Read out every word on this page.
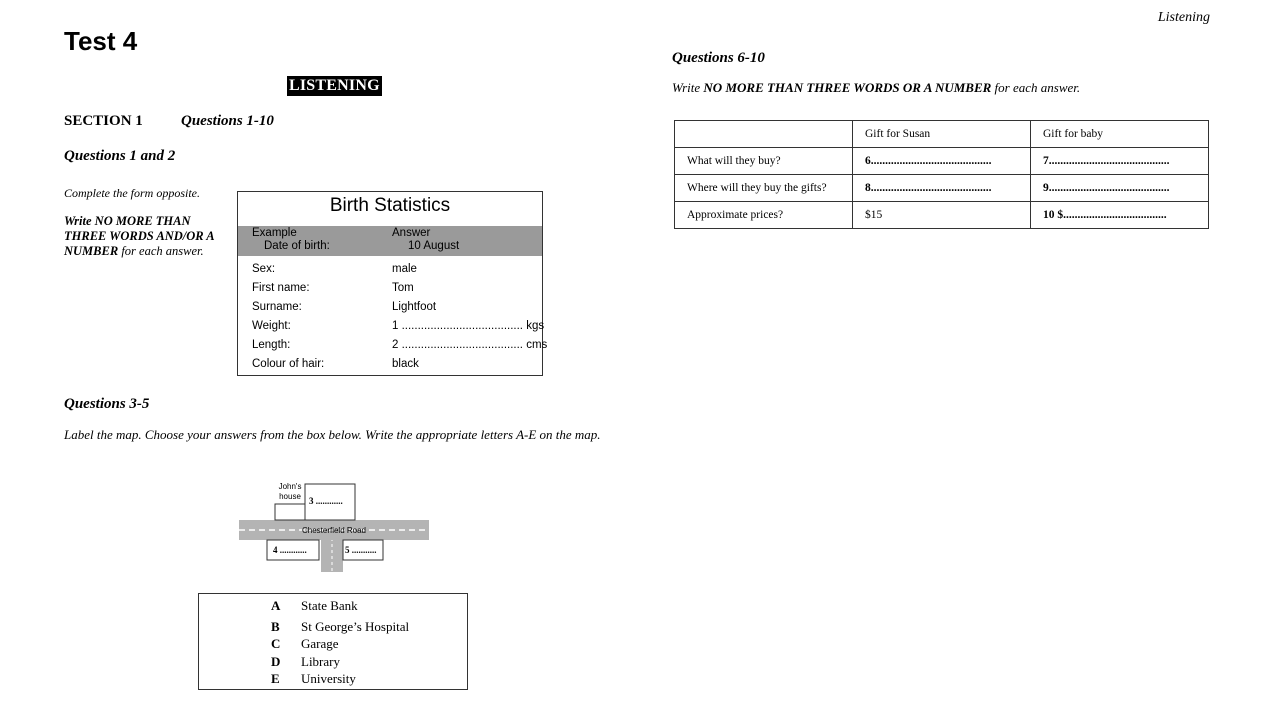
Listening
Test 4
LISTENING
SECTION 1	Questions 1-10
Questions 1 and 2
Complete the form opposite.
Write NO MORE THAN THREE WORDS AND/OR A NUMBER for each answer.
Birth Statistics
Example	Answer
Date of birth:	10 August
Sex:	male
First name:	Tom
Surname:	Lightfoot
Weight:	1 ...................................... kgs
Length:	2 ...................................... cms
Colour of hair:	black
Questions 3-5
Label the map. Choose your answers from the box below. Write the appropriate letters A-E on the map.
John's
house 3 ............
Chesterfield Road
4 ............	5 ...........
A State Bank
B St George’s Hospital
C Garage
D Library
E University
Questions 6-10
Write NO MORE THAN THREE WORDS OR A NUMBER for each answer.
	Gift for Susan	Gift for baby
What will they buy?	6..........................................	7..........................................
Where will they buy the gifts?	8..........................................	9..........................................
Approximate prices?	$15	10 $....................................
